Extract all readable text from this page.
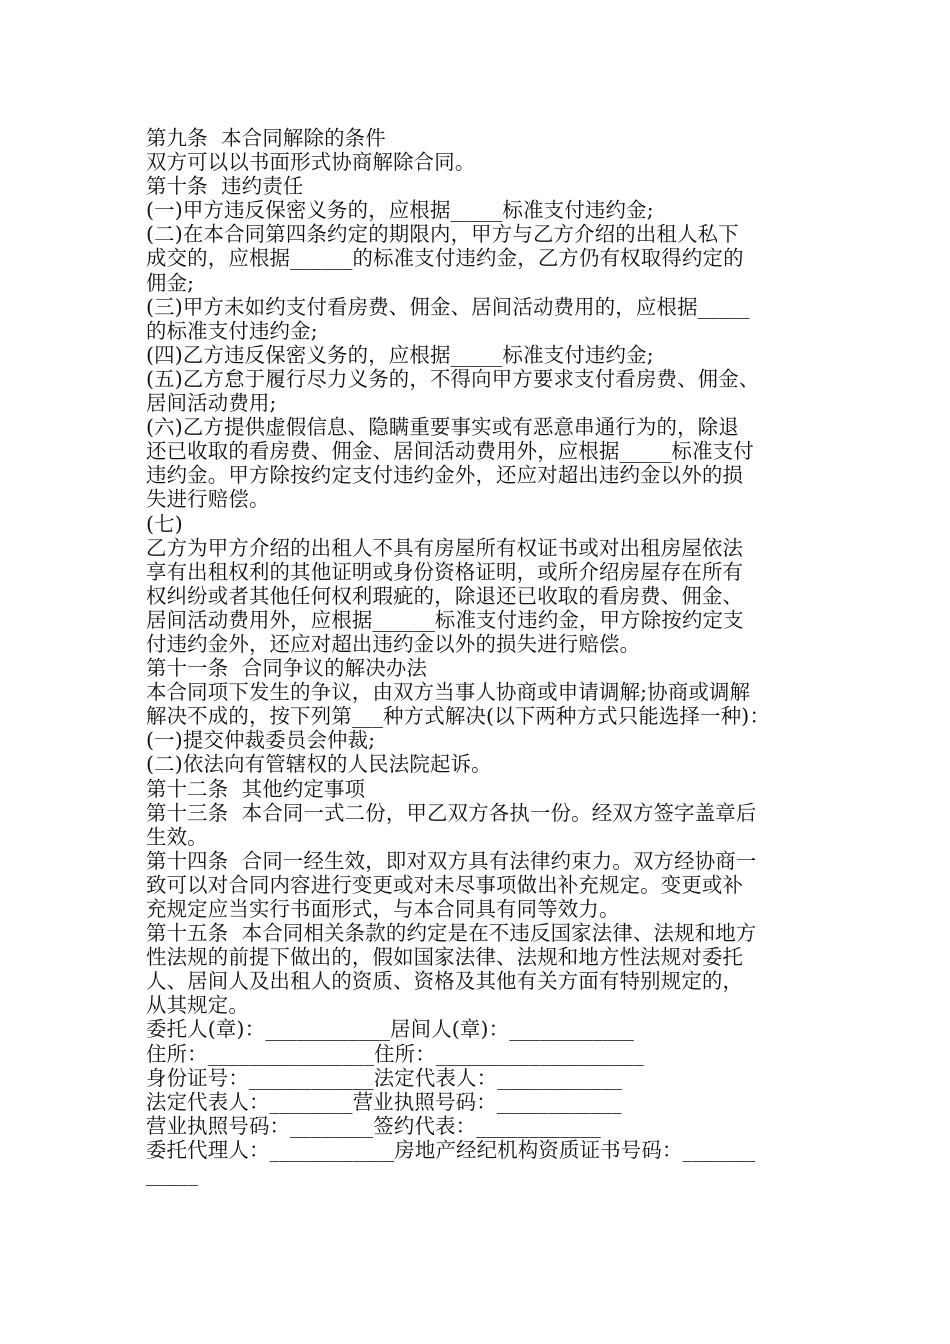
第九条  本合同解除的条件
双方可以以书面形式协商解除合同。
第十条  违约责任
(一)甲方违反保密义务的，应根据_____标准支付违约金;
(二)在本合同第四条约定的期限内，甲方与乙方介绍的出租人私下
成交的，应根据______的标准支付违约金，乙方仍有权取得约定的
佣金;
(三)甲方未如约支付看房费、佣金、居间活动费用的，应根据_____
的标准支付违约金;
(四)乙方违反保密义务的，应根据_____标准支付违约金;
(五)乙方怠于履行尽力义务的，不得向甲方要求支付看房费、佣金、
居间活动费用;
(六)乙方提供虚假信息、隐瞒重要事实或有恶意串通行为的，除退
还已收取的看房费、佣金、居间活动费用外，应根据_____标准支付
违约金。甲方除按约定支付违约金外，还应对超出违约金以外的损
失进行赔偿。
(七)
乙方为甲方介绍的出租人不具有房屋所有权证书或对出租房屋依法
享有出租权利的其他证明或身份资格证明，或所介绍房屋存在所有
权纠纷或者其他任何权利瑕疵的，除退还已收取的看房费、佣金、
居间活动费用外，应根据______标准支付违约金，甲方除按约定支
付违约金外，还应对超出违约金以外的损失进行赔偿。
第十一条  合同争议的解决办法
本合同项下发生的争议，由双方当事人协商或申请调解;协商或调解
解决不成的，按下列第___种方式解决(以下两种方式只能选择一种)：
(一)提交仲裁委员会仲裁;
(二)依法向有管辖权的人民法院起诉。
第十二条  其他约定事项
第十三条  本合同一式二份，甲乙双方各执一份。经双方签字盖章后
生效。
第十四条  合同一经生效，即对双方具有法律约束力。双方经协商一
致可以对合同内容进行变更或对未尽事项做出补充规定。变更或补
充规定应当实行书面形式，与本合同具有同等效力。
第十五条  本合同相关条款的约定是在不违反国家法律、法规和地方
性法规的前提下做出的，假如国家法律、法规和地方性法规对委托
人、居间人及出租人的资质、资格及其他有关方面有特别规定的，
从其规定。
委托人(章)：____________居间人(章)：____________
住所：________________住所：____________________
身份证号：____________法定代表人：____________
法定代表人：________营业执照号码：____________
营业执照号码：________签约代表：____________
委托代理人：____________房地产经纪机构资质证书号码：_______
_____
